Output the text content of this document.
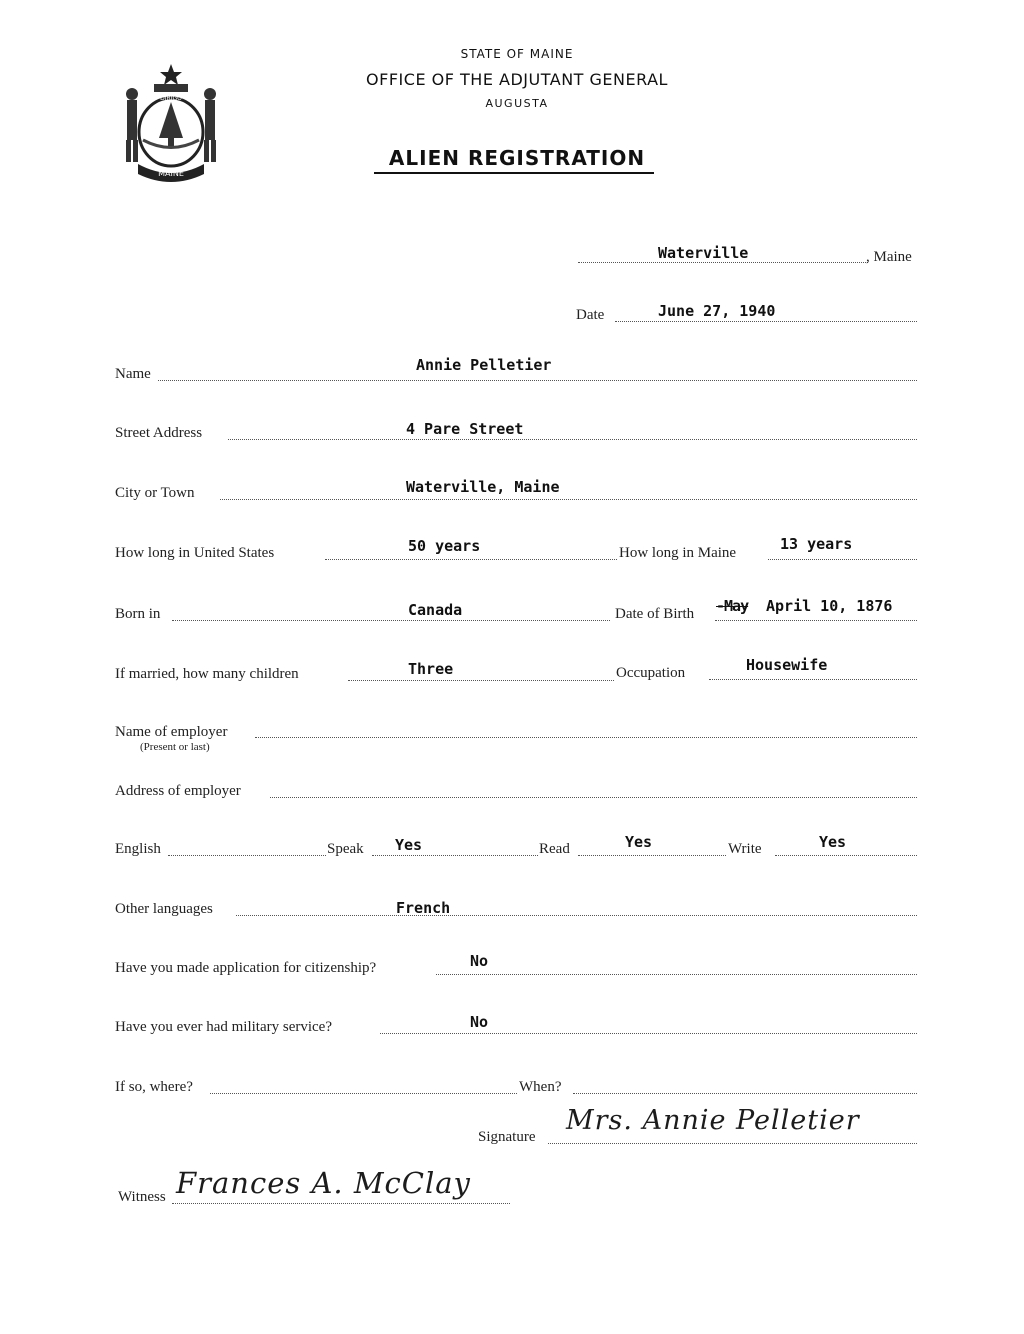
DIRIGO
MAINE
STATE OF MAINE
OFFICE OF THE ADJUTANT GENERAL
AUGUSTA
ALIEN REGISTRATION
Waterville	, Maine
Date	June 27, 1940
Name	Annie Pelletier
Street Address	4 Pare Street
City or Town	Waterville, Maine
How long in United States	50 years	How long in Maine	13 years
Born in	Canada	Date of Birth -May April 10, 1876
If married, how many children	Three	Occupation	Housewife
Name of employer
(Present or last)
Address of employer
English	Speak Yes	Read	Yes	Write	Yes
Other languages	French
Have you made application for citizenship?	No
Have you ever had military service?	No
If so, where?	When?
Signature
Mrs. Annie Pelletier
Witness Frances A. McClay
